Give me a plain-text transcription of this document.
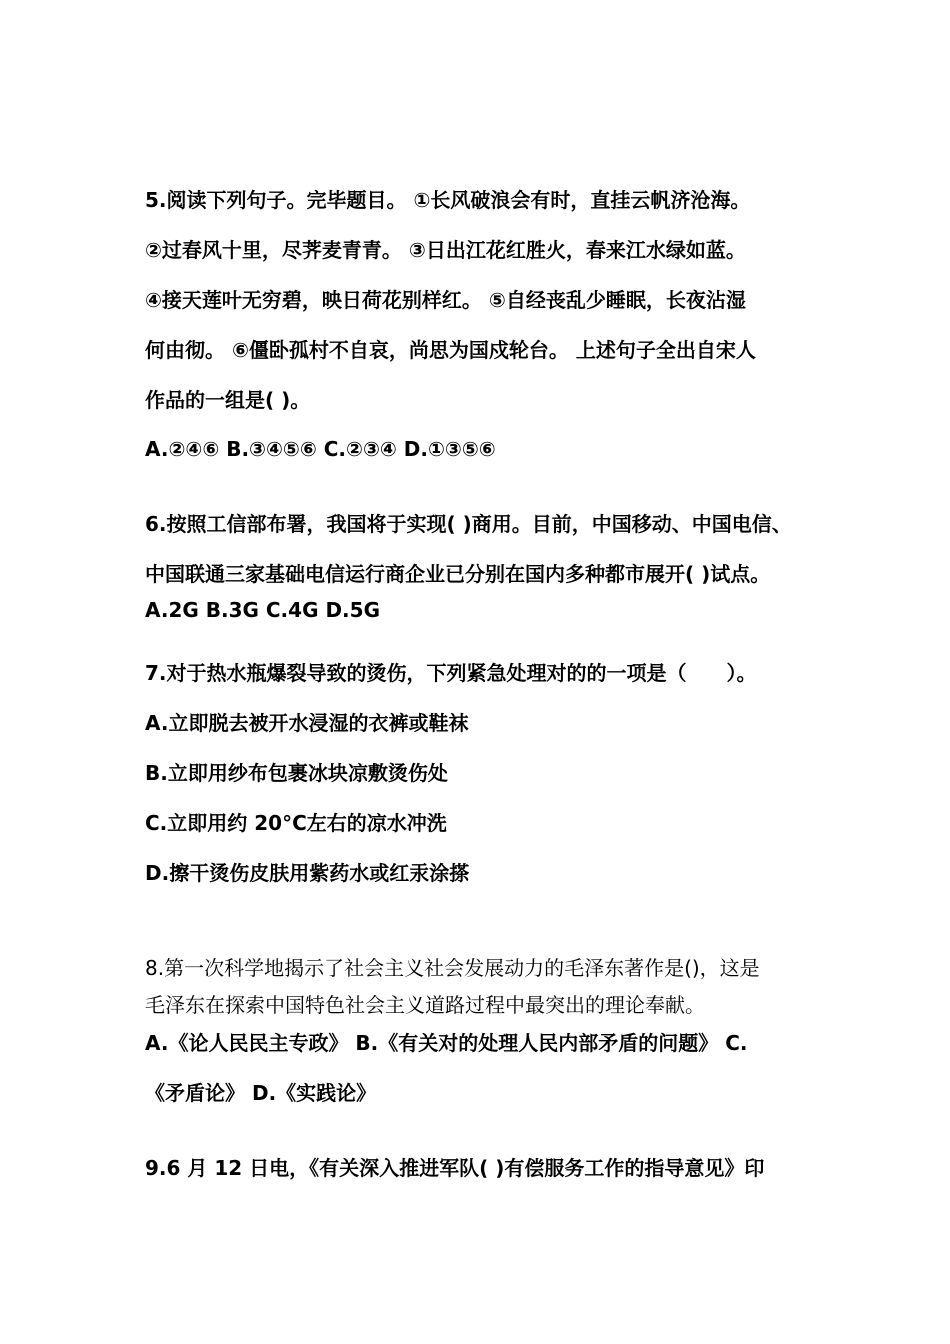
5.阅读下列句子。完毕题目。 ①长风破浪会有时，直挂云帆济沧海。
②过春风十里，尽荠麦青青。 ③日出江花红胜火，春来江水绿如蓝。
④接天莲叶无穷碧，映日荷花别样红。 ⑤自经丧乱少睡眠，长夜沾湿
何由彻。 ⑥僵卧孤村不自哀，尚思为国戍轮台。 上述句子全出自宋人
作品的一组是( )。
A.②④⑥ B.③④⑤⑥ C.②③④ D.①③⑤⑥
6.按照工信部布署，我国将于实现( )商用。目前，中国移动、中国电信、
中国联通三家基础电信运行商企业已分别在国内多种都市展开( )试点。
A.2G B.3G C.4G D.5G
7.对于热水瓶爆裂导致的烫伤，下列紧急处理对的的一项是（　　）。
A.立即脱去被开水浸湿的衣裤或鞋袜
B.立即用纱布包裹冰块凉敷烫伤处
C.立即用约 20°C左右的凉水冲洗
D.擦干烫伤皮肤用紫药水或红汞涂搽
8.第一次科学地揭示了社会主义社会发展动力的毛泽东著作是()，这是
毛泽东在探索中国特色社会主义道路过程中最突出的理论奉献。
A.《论人民民主专政》 B.《有关对的处理人民内部矛盾的问题》 C.
《矛盾论》 D.《实践论》
9.6 月 12 日电，《有关深入推进军队( )有偿服务工作的指导意见》印
